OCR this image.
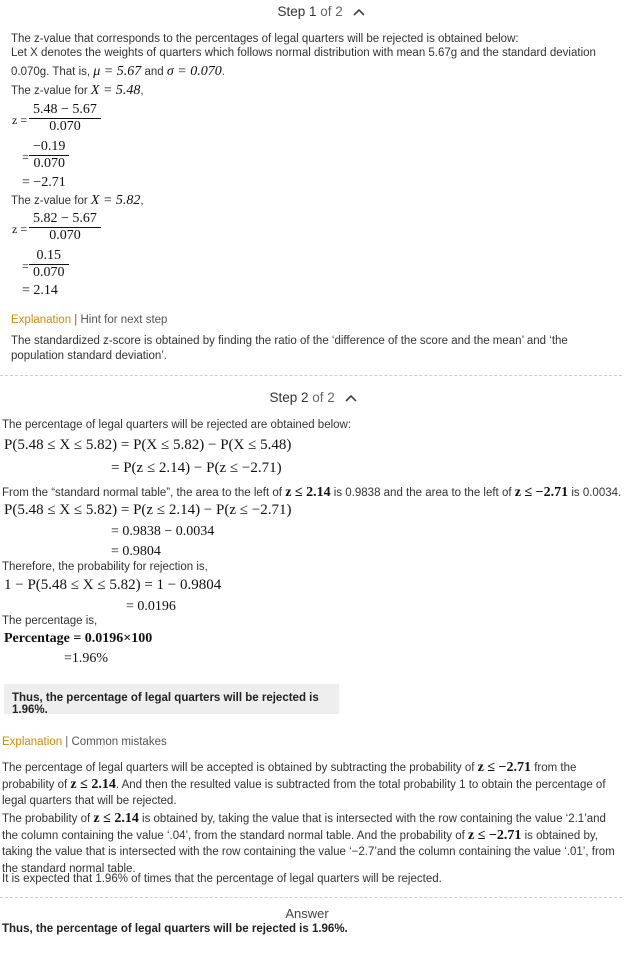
Step 1 of 2
The z-value that corresponds to the percentages of legal quarters will be rejected is obtained below:
Let X denotes the weights of quarters which follows normal distribution with mean 5.67g and the standard deviation
0.070g. That is, μ = 5.67 and σ = 0.070.
The z-value for X = 5.48,
$z = \frac{5.48 - 5.67}{0.070}$
= $\frac{-0.19}{0.070}$
= −2.71
The z-value for X = 5.82,
$z = \frac{5.82 - 5.67}{0.070}$
= $\frac{0.15}{0.070}$
= 2.14
Explanation | Hint for next step
The standardized z-score is obtained by finding the ratio of the ‘difference of the score and the mean’ and ‘the population standard deviation’.
Step 2 of 2
The percentage of legal quarters will be rejected are obtained below:
P(5.48 ≤ X ≤ 5.82) = P(X ≤ 5.82) − P(X ≤ 5.48)
= P(z ≤ 2.14) − P(z ≤ −2.71)
From the “standard normal table”, the area to the left of z ≤ 2.14 is 0.9838 and the area to the left of z ≤ −2.71 is 0.0034.
P(5.48 ≤ X ≤ 5.82) = P(z ≤ 2.14) − P(z ≤ −2.71)
= 0.9838 − 0.0034
= 0.9804
Therefore, the probability for rejection is,
1 − P(5.48 ≤ X ≤ 5.82) = 1 − 0.9804
= 0.0196
The percentage is,
Percentage = 0.0196×100
=1.96%
Thus, the percentage of legal quarters will be rejected is 1.96%.
Explanation | Common mistakes
The percentage of legal quarters will be accepted is obtained by subtracting the probability of z ≤ −2.71 from the probability of z ≤ 2.14. And then the resulted value is subtracted from the total probability 1 to obtain the percentage of legal quarters that will be rejected.
The probability of z ≤ 2.14 is obtained by, taking the value that is intersected with the row containing the value ‘2.1’and the column containing the value ‘.04’, from the standard normal table. And the probability of z ≤ −2.71 is obtained by, taking the value that is intersected with the row containing the value ‘−2.7’and the column containing the value ‘.01’, from the standard normal table.
It is expected that 1.96% of times that the percentage of legal quarters will be rejected.
Answer
Thus, the percentage of legal quarters will be rejected is 1.96%.
